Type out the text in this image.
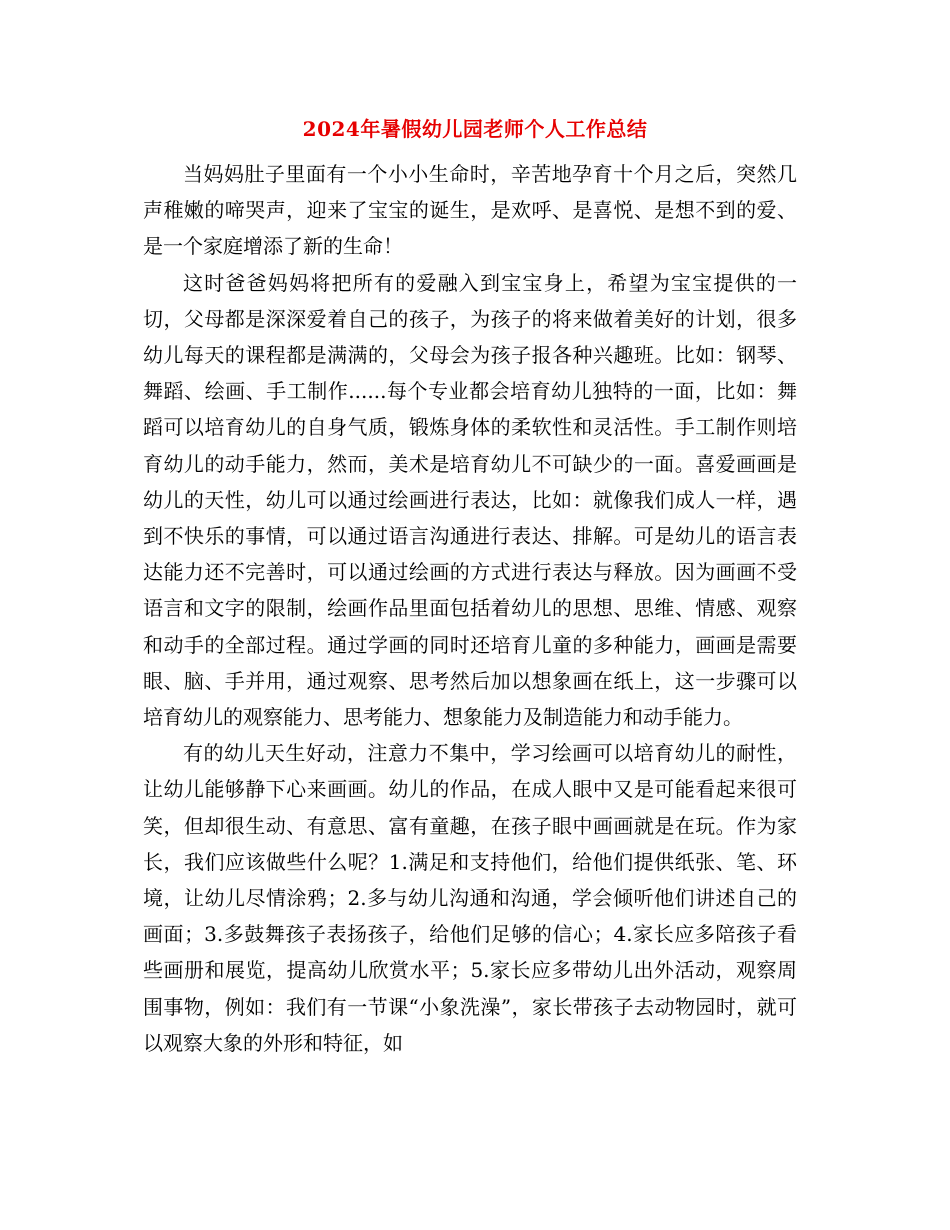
2024年暑假幼儿园老师个人工作总结

当妈妈肚子里面有一个小小生命时，辛苦地孕育十个月之后，突然几声稚嫩的啼哭声，迎来了宝宝的诞生，是欢呼、是喜悦、是想不到的爱、是一个家庭增添了新的生命！

这时爸爸妈妈将把所有的爱融入到宝宝身上，希望为宝宝提供的一切，父母都是深深爱着自己的孩子，为孩子的将来做着美好的计划，很多幼儿每天的课程都是满满的，父母会为孩子报各种兴趣班。比如：钢琴、舞蹈、绘画、手工制作......每个专业都会培育幼儿独特的一面，比如：舞蹈可以培育幼儿的自身气质，锻炼身体的柔软性和灵活性。手工制作则培育幼儿的动手能力，然而，美术是培育幼儿不可缺少的一面。喜爱画画是幼儿的天性，幼儿可以通过绘画进行表达，比如：就像我们成人一样，遇到不快乐的事情，可以通过语言沟通进行表达、排解。可是幼儿的语言表达能力还不完善时，可以通过绘画的方式进行表达与释放。因为画画不受语言和文字的限制，绘画作品里面包括着幼儿的思想、思维、情感、观察和动手的全部过程。通过学画的同时还培育儿童的多种能力，画画是需要眼、脑、手并用，通过观察、思考然后加以想象画在纸上，这一步骤可以培育幼儿的观察能力、思考能力、想象能力及制造能力和动手能力。

有的幼儿天生好动，注意力不集中，学习绘画可以培育幼儿的耐性，让幼儿能够静下心来画画。幼儿的作品，在成人眼中又是可能看起来很可笑，但却很生动、有意思、富有童趣，在孩子眼中画画就是在玩。作为家长，我们应该做些什么呢？1.满足和支持他们，给他们提供纸张、笔、环境，让幼儿尽情涂鸦；2.多与幼儿沟通和沟通，学会倾听他们讲述自己的画面；3.多鼓舞孩子表扬孩子，给他们足够的信心；4.家长应多陪孩子看些画册和展览，提高幼儿欣赏水平；5.家长应多带幼儿出外活动，观察周围事物，例如：我们有一节课“小象洗澡”，家长带孩子去动物园时，就可以观察大象的外形和特征，如
